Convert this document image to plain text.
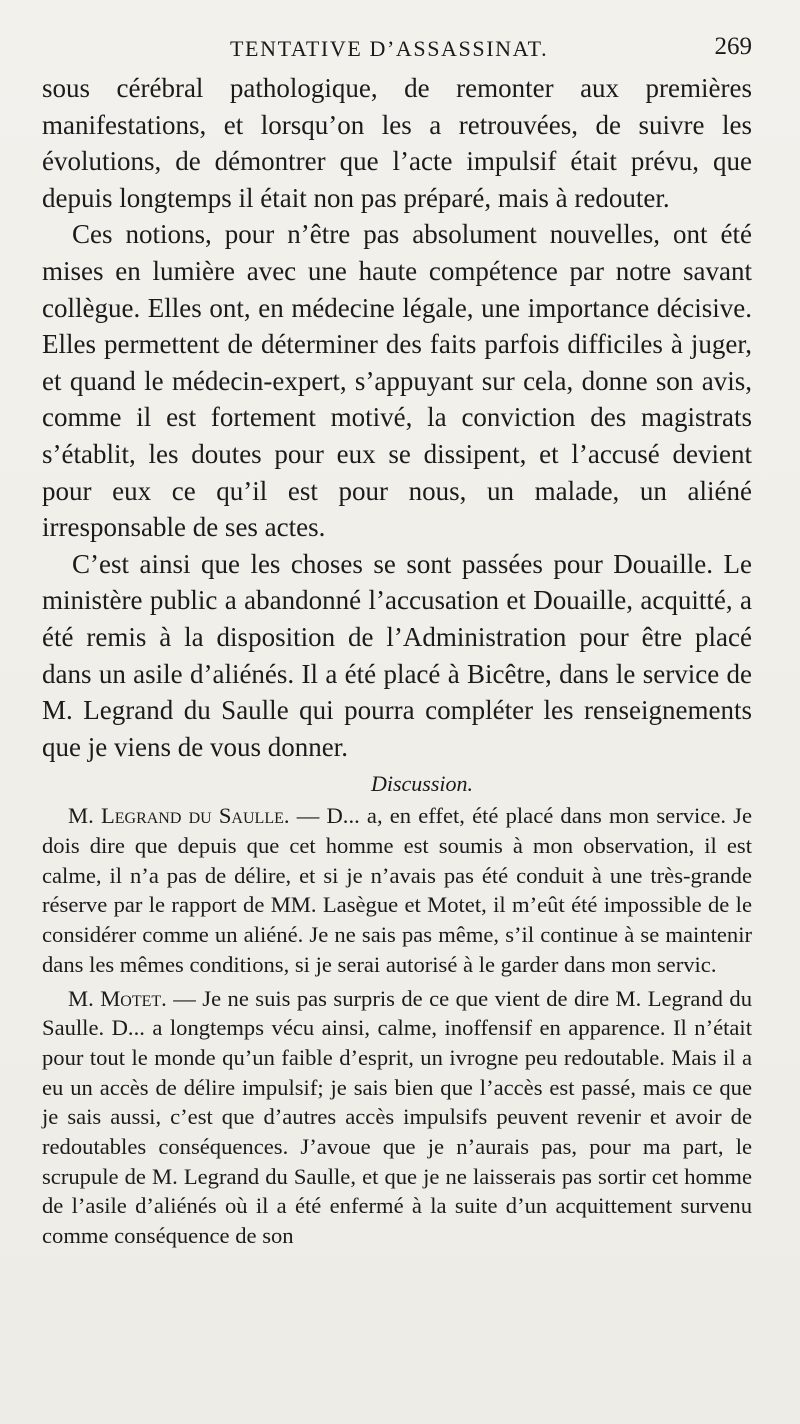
TENTATIVE D’ASSASSINAT.	269

sous cérébral pathologique, de remonter aux premières manifestations, et lorsqu’on les a retrouvées, de suivre les évolutions, de démontrer que l’acte impulsif était prévu, que depuis longtemps il était non pas préparé, mais à redouter.

Ces notions, pour n’être pas absolument nouvelles, ont été mises en lumière avec une haute compétence par notre savant collègue. Elles ont, en médecine légale, une importance décisive. Elles permettent de déterminer des faits parfois difficiles à juger, et quand le médecin-expert, s’appuyant sur cela, donne son avis, comme il est fortement motivé, la conviction des magistrats s’établit, les doutes pour eux se dissipent, et l’accusé devient pour eux ce qu’il est pour nous, un malade, un aliéné irresponsable de ses actes.

C’est ainsi que les choses se sont passées pour Douaille. Le ministère public a abandonné l’accusation et Douaille, acquitté, a été remis à la disposition de l’Administration pour être placé dans un asile d’aliénés. Il a été placé à Bicêtre, dans le service de M. Legrand du Saulle qui pourra compléter les renseignements que je viens de vous donner.

Discussion.

M. Legrand du Saulle. — D... a, en effet, été placé dans mon service. Je dois dire que depuis que cet homme est soumis à mon observation, il est calme, il n’a pas de délire, et si je n’avais pas été conduit à une très-grande réserve par le rapport de MM. Lasègue et Motet, il m’eût été impossible de le considérer comme un aliéné. Je ne sais pas même, s’il continue à se maintenir dans les mêmes conditions, si je serai autorisé à le garder dans mon servic.

M. Motet. — Je ne suis pas surpris de ce que vient de dire M. Legrand du Saulle. D... a longtemps vécu ainsi, calme, inoffensif en apparence. Il n’était pour tout le monde qu’un faible d’esprit, un ivrogne peu redoutable. Mais il a eu un accès de délire impulsif; je sais bien que l’accès est passé, mais ce que je sais aussi, c’est que d’autres accès impulsifs peuvent revenir et avoir de redoutables conséquences. J’avoue que je n’aurais pas, pour ma part, le scrupule de M. Legrand du Saulle, et que je ne laisserais pas sortir cet homme de l’asile d’aliénés où il a été enfermé à la suite d’un acquittement survenu comme conséquence de son
